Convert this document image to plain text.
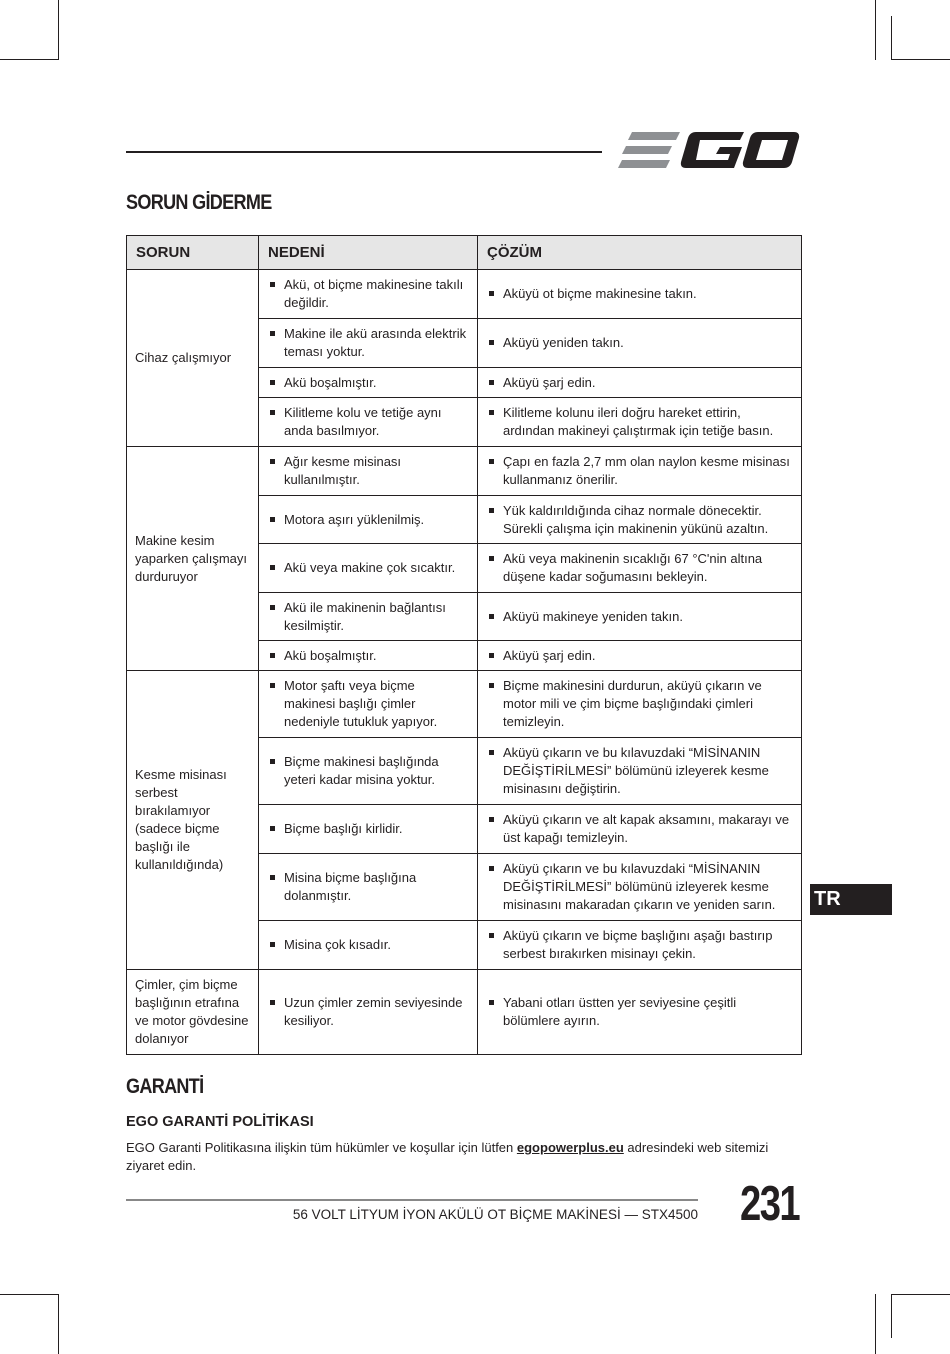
SORUN GİDERME
SORUN	NEDENİ	ÇÖZÜM
Cihaz çalışmıyor	Akü, ot biçme makinesine takılı değildir.	Aküyü ot biçme makinesine takın.

	Makine ile akü arasında elektrik teması yoktur.	Aküyü yeniden takın.

	Akü boşalmıştır.	Aküyü şarj edin.

	Kilitleme kolu ve tetiğe aynı anda basılmıyor.	Kilitleme kolunu ileri doğru hareket ettirin, ardından makineyi çalıştırmak için tetiğe basın.

Makine kesim yaparken çalışmayı durduruyor	Ağır kesme misinası kullanılmıştır.	Çapı en fazla 2,7 mm olan naylon kesme misinası kullanmanız önerilir.

	Motora aşırı yüklenilmiş.	Yük kaldırıldığında cihaz normale dönecektir. Sürekli çalışma için makinenin yükünü azaltın.

	Akü veya makine çok sıcaktır.	Akü veya makinenin sıcaklığı 67 °C'nin altına düşene kadar soğumasını bekleyin.

	Akü ile makinenin bağlantısı kesilmiştir.	Aküyü makineye yeniden takın.

	Akü boşalmıştır.	Aküyü şarj edin.

Kesme misinası serbest bırakılamıyor (sadece biçme başlığı ile kullanıldığında)	Motor şaftı veya biçme makinesi başlığı çimler nedeniyle tutukluk yapıyor.	Biçme makinesini durdurun, aküyü çıkarın ve motor mili ve çim biçme başlığındaki çimleri temizleyin.

	Biçme makinesi başlığında yeteri kadar misina yoktur.	Aküyü çıkarın ve bu kılavuzdaki “MİSİNANIN DEĞİŞTİRİLMESİ” bölümünü izleyerek kesme misinasını değiştirin.

	Biçme başlığı kirlidir.	Aküyü çıkarın ve alt kapak aksamını, makarayı ve üst kapağı temizleyin.

	Misina biçme başlığına dolanmıştır.	Aküyü çıkarın ve bu kılavuzdaki “MİSİNANIN DEĞİŞTİRİLMESİ” bölümünü izleyerek kesme misinasını makaradan çıkarın ve yeniden sarın.

	Misina çok kısadır.	Aküyü çıkarın ve biçme başlığını aşağı bastırıp serbest bırakırken misinayı çekin.

Çimler, çim biçme başlığının etrafına ve motor gövdesine dolanıyor	Uzun çimler zemin seviyesinde kesiliyor.	Yabani otları üstten yer seviyesine çeşitli bölümlere ayırın.
TR
GARANTİ
EGO GARANTİ POLİTİKASI
EGO Garanti Politikasına ilişkin tüm hükümler ve koşullar için lütfen egopowerplus.eu adresindeki web sitemizi ziyaret edin.
56 VOLT LİTYUM İYON AKÜLÜ OT BİÇME MAKİNESİ — STX4500 231
